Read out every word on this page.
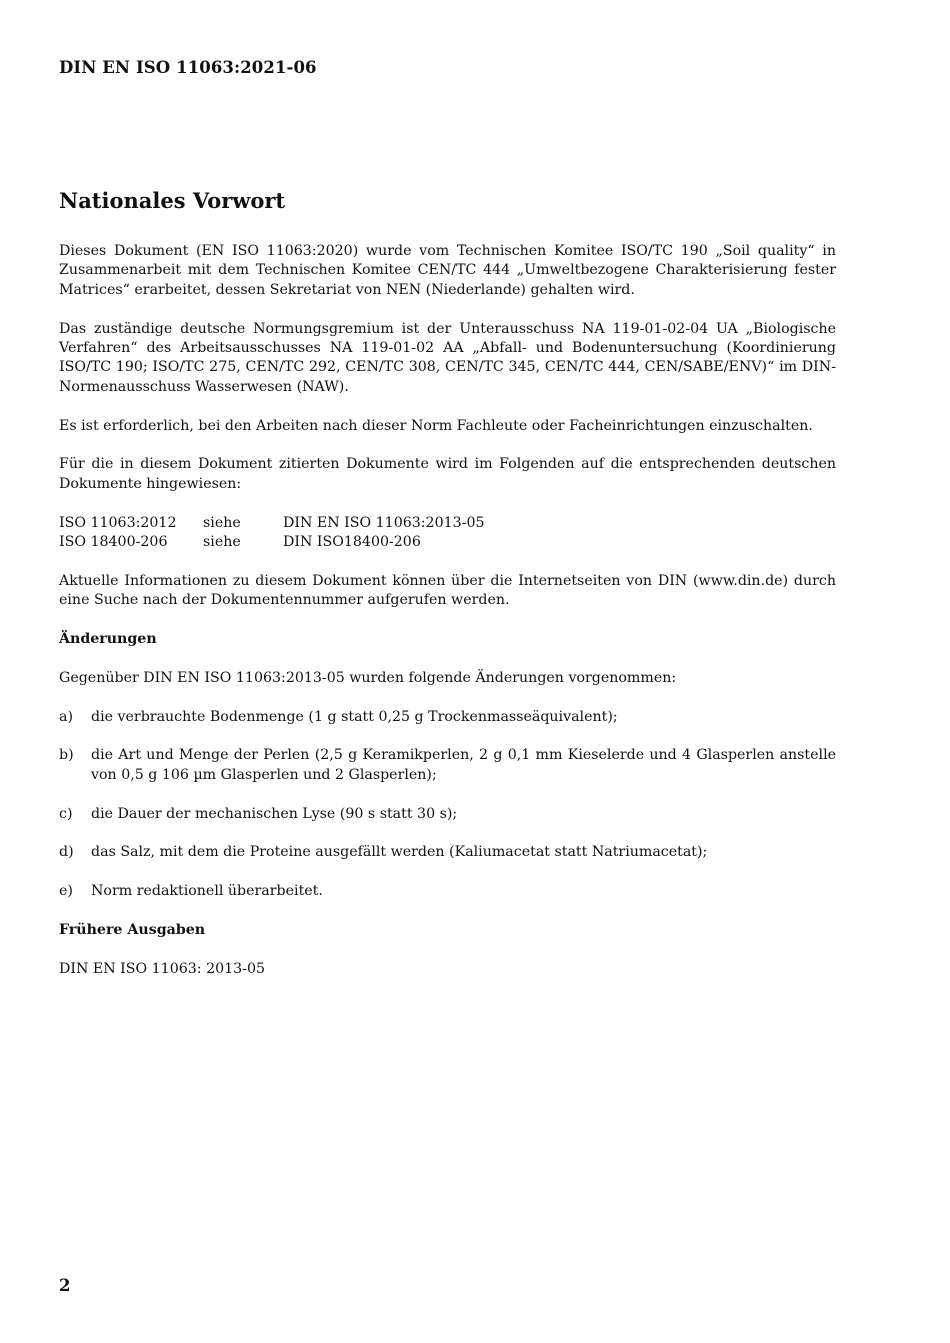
DIN EN ISO 11063:2021-06
Nationales Vorwort

Dieses Dokument (EN ISO 11063:2020) wurde vom Technischen Komitee ISO/TC 190 „Soil quality“ in Zusammenarbeit mit dem Technischen Komitee CEN/TC 444 „Umweltbezogene Charakterisierung fester Matrices“ erarbeitet, dessen Sekretariat von NEN (Niederlande) gehalten wird.

Das zuständige deutsche Normungsgremium ist der Unterausschuss NA 119-01-02-04 UA „Biologische Verfahren“ des Arbeitsausschusses NA 119-01-02 AA „Abfall- und Bodenuntersuchung (Koordinierung ISO/TC 190; ISO/TC 275, CEN/TC 292, CEN/TC 308, CEN/TC 345, CEN/TC 444, CEN/SABE/ENV)“ im DIN-Normenausschuss Wasserwesen (NAW).

Es ist erforderlich, bei den Arbeiten nach dieser Norm Fachleute oder Facheinrichtungen einzuschalten.

Für die in diesem Dokument zitierten Dokumente wird im Folgenden auf die entsprechenden deutschen Dokumente hingewiesen:

ISO 11063:2012	siehe	DIN EN ISO 11063:2013-05
ISO 18400-206	siehe	DIN ISO18400-206

Aktuelle Informationen zu diesem Dokument können über die Internetseiten von DIN (www.din.de) durch eine Suche nach der Dokumentennummer aufgerufen werden.

Änderungen

Gegenüber DIN EN ISO 11063:2013-05 wurden folgende Änderungen vorgenommen:

a)	die verbrauchte Bodenmenge (1 g statt 0,25 g Trockenmasseäquivalent);
b)	die Art und Menge der Perlen (2,5 g Keramikperlen, 2 g 0,1 mm Kieselerde und 4 Glasperlen anstelle von 0,5 g 106 µm Glasperlen und 2 Glasperlen);
c)	die Dauer der mechanischen Lyse (90 s statt 30 s);
d)	das Salz, mit dem die Proteine ausgefällt werden (Kaliumacetat statt Natriumacetat);
e)	Norm redaktionell überarbeitet.
Frühere Ausgaben

DIN EN ISO 11063: 2013-05

2
